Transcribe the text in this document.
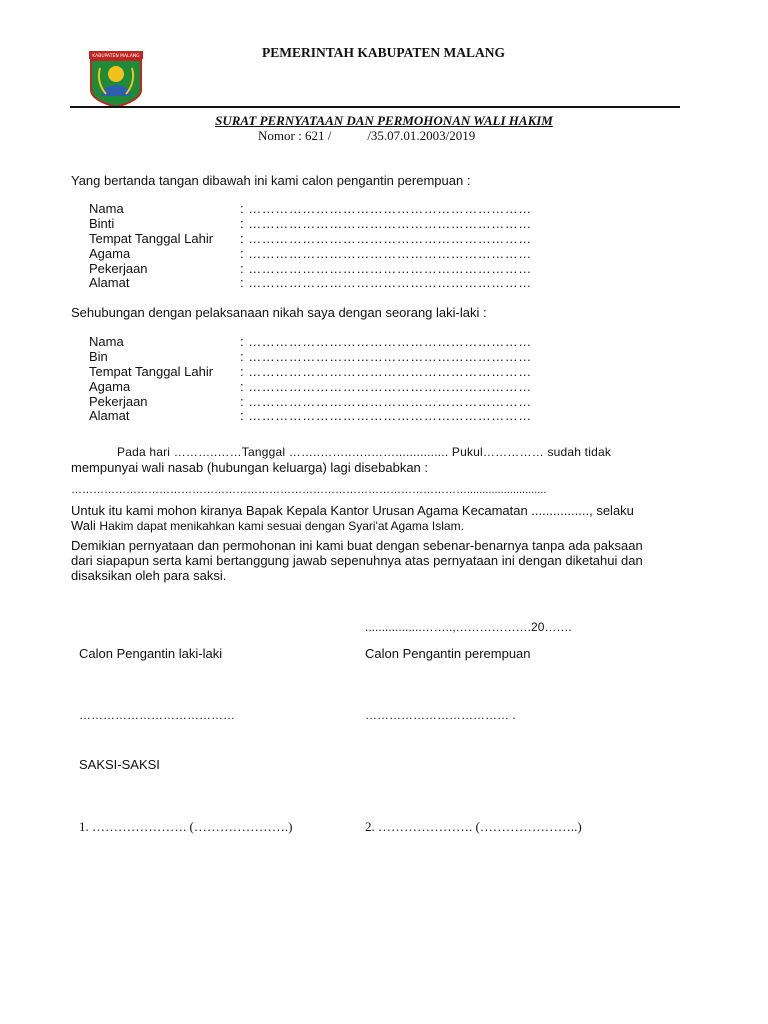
KABUPATEN MALANG	PEMERINTAH KABUPATEN MALANG
SURAT PERNYATAAN DAN PERMOHONAN WALI HAKIM
Nomor : 621 /	/35.07.01.2003/2019
Yang bertanda tangan dibawah ini kami calon pengantin perempuan :
Nama	: ………………………………………………………
Binti	: ………………………………………………………
Tempat Tanggal Lahir : ………………………………………………………
Agama	: ………………………………………………………
Pekerjaan	: ………………………………………………………
Alamat	: ………………………………………………………
Sehubungan dengan pelaksanaan nikah saya dengan seorang laki-laki :
Nama	: ………………………………………………………
Bin	: ………………………………………………………
Tempat Tanggal Lahir : ………………………………………………………
Agama	: ………………………………………………………
Pekerjaan	: ………………………………………………………
Alamat	: ………………………………………………………
Pada hari ………..……Tanggal ……..……..…..……............... Pukul…………… sudah tidak
mempunyai wali nasab (hubungan keluarga) lagi disebabkan :
………………………………………………………………………………………………..........................
Untuk itu kami mohon kiranya Bapak Kepala Kantor Urusan Agama Kecamatan ................, selaku
Wali Hakim dapat menikahkan kami sesuai dengan Syari'at Agama Islam.
Demikian pernyataan dan permohonan ini kami buat dengan sebenar-benarnya tanpa ada paksaan
dari siapapun serta kami bertanggung jawab sepenuhnya atas pernyataan ini dengan diketahui dan
disaksikan oleh para saksi.
.................……..,……………….20…….
Calon Pengantin laki-laki	Calon Pengantin perempuan
…………………………………	……………………………… .
SAKSI-SAKSI
1. …………………. (………………….)	2. …………………. (…………………..)
